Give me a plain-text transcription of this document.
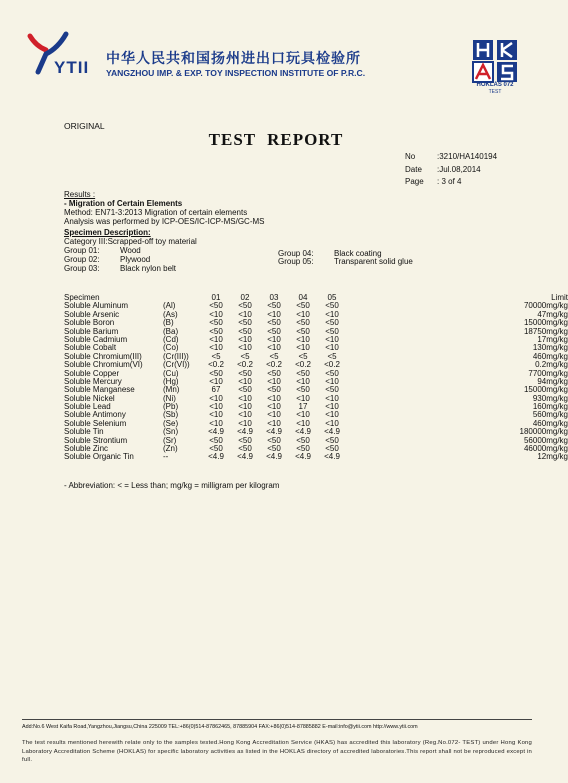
YTII 中华人民共和国扬州进出口玩具检验所
YANGZHOU IMP. & EXP. TOY INSPECTION INSTITUTE OF P.R.C.
HOKLAS 072
TEST
ORIGINAL
TEST REPORT
No	:3210/HA140194
Date :Jul.08,2014
Page : 3 of 4
Results :
- Migration of Certain Elements
Method: EN71-3:2013 Migration of certain elements
Analysis was performed by ICP-OES/IC-ICP-MS/GC-MS
Specimen Description:
Category III:Scrapped-off toy material
Group 01:	Wood
Group 02:	Plywood
Group 03:	Black nylon belt
Group 04:	Black coating
Group 05:	Transparent solid glue
Specimen	01	02	03	04	05	Limit
Soluble Aluminum	(Al)	<50	<50	<50	<50	<50	70000mg/kg
Soluble Arsenic	(As)	<10	<10	<10	<10	<10	47mg/kg
Soluble Boron	(B)	<50	<50	<50	<50	<50	15000mg/kg
Soluble Barium	(Ba)	<50	<50	<50	<50	<50	18750mg/kg
Soluble Cadmium	(Cd)	<10	<10	<10	<10	<10	17mg/kg
Soluble Cobalt	(Co)	<10	<10	<10	<10	<10	130mg/kg
Soluble Chromium(III)	(Cr(III))	<5	<5	<5	<5	<5	460mg/kg
Soluble Chromium(VI)	(Cr(VI))	<0.2	<0.2	<0.2	<0.2	<0.2	0.2mg/kg
Soluble Copper	(Cu)	<50	<50	<50	<50	<50	7700mg/kg
Soluble Mercury	(Hg)	<10	<10	<10	<10	<10	94mg/kg
Soluble Manganese	(Mn)	67	<50	<50	<50	<50	15000mg/kg
Soluble Nickel	(Ni)	<10	<10	<10	<10	<10	930mg/kg
Soluble Lead	(Pb)	<10	<10	<10	17	<10	160mg/kg
Soluble Antimony	(Sb)	<10	<10	<10	<10	<10	560mg/kg
Soluble Selenium	(Se)	<10	<10	<10	<10	<10	460mg/kg
Soluble Tin	(Sn)	<4.9	<4.9	<4.9	<4.9	<4.9	180000mg/kg
Soluble Strontium	(Sr)	<50	<50	<50	<50	<50	56000mg/kg
Soluble Zinc	(Zn)	<50	<50	<50	<50	<50	46000mg/kg
Soluble Organic Tin	--	<4.9	<4.9	<4.9	<4.9	<4.9	12mg/kg
- Abbreviation: < = Less than; mg/kg = milligram per kilogram
Add:No.6 West Kaifa Road,Yangzhou,Jiangsu,China 225009 TEL:+86(0)514-87862465, 87885904 FAX:+86(0)514-87885882 E-mail:info@ytii.com http://www.ytii.com
The test results mentioned herewith relate only to the samples tested.Hong Kong Accreditation Service (HKAS) has accredited this laboratory (Reg.No.072- TEST) under Hong Kong Laboratory Accreditation Scheme (HOKLAS) for specific laboratory activities as listed in the HOKLAS directory of accredited laboratories.This report shall not be reproduced except in full.
